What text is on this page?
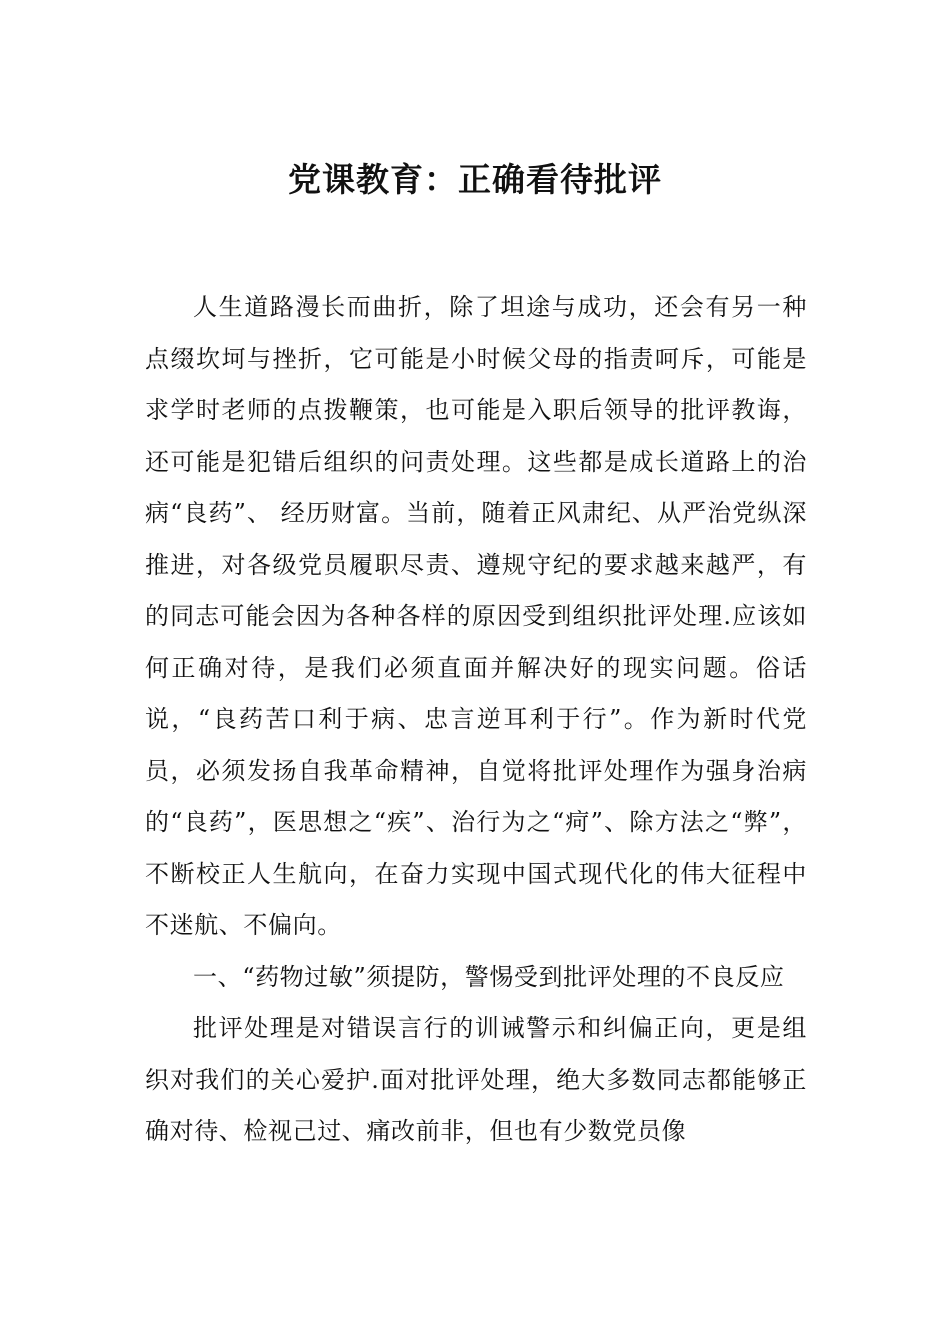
党课教育：正确看待批评

人生道路漫长而曲折，除了坦途与成功，还会有另一种点缀坎坷与挫折，它可能是小时候父母的指责呵斥，可能是求学时老师的点拨鞭策，也可能是入职后领导的批评教诲，还可能是犯错后组织的问责处理。这些都是成长道路上的治病“良药”、 经历财富。当前，随着正风肃纪、从严治党纵深推进，对各级党员履职尽责、遵规守纪的要求越来越严，有的同志可能会因为各种各样的原因受到组织批评处理.应该如何正确对待，是我们必须直面并解决好的现实问题。俗话说，“良药苦口利于病、忠言逆耳利于行”。作为新时代党员，必须发扬自我革命精神，自觉将批评处理作为强身治病的“良药”，医思想之“疾”、治行为之“疴”、除方法之“弊”，不断校正人生航向，在奋力实现中国式现代化的伟大征程中不迷航、不偏向。

一、“药物过敏”须提防，警惕受到批评处理的不良反应

批评处理是对错误言行的训诫警示和纠偏正向，更是组织对我们的关心爱护.面对批评处理，绝大多数同志都能够正确对待、检视己过、痛改前非，但也有少数党员像
